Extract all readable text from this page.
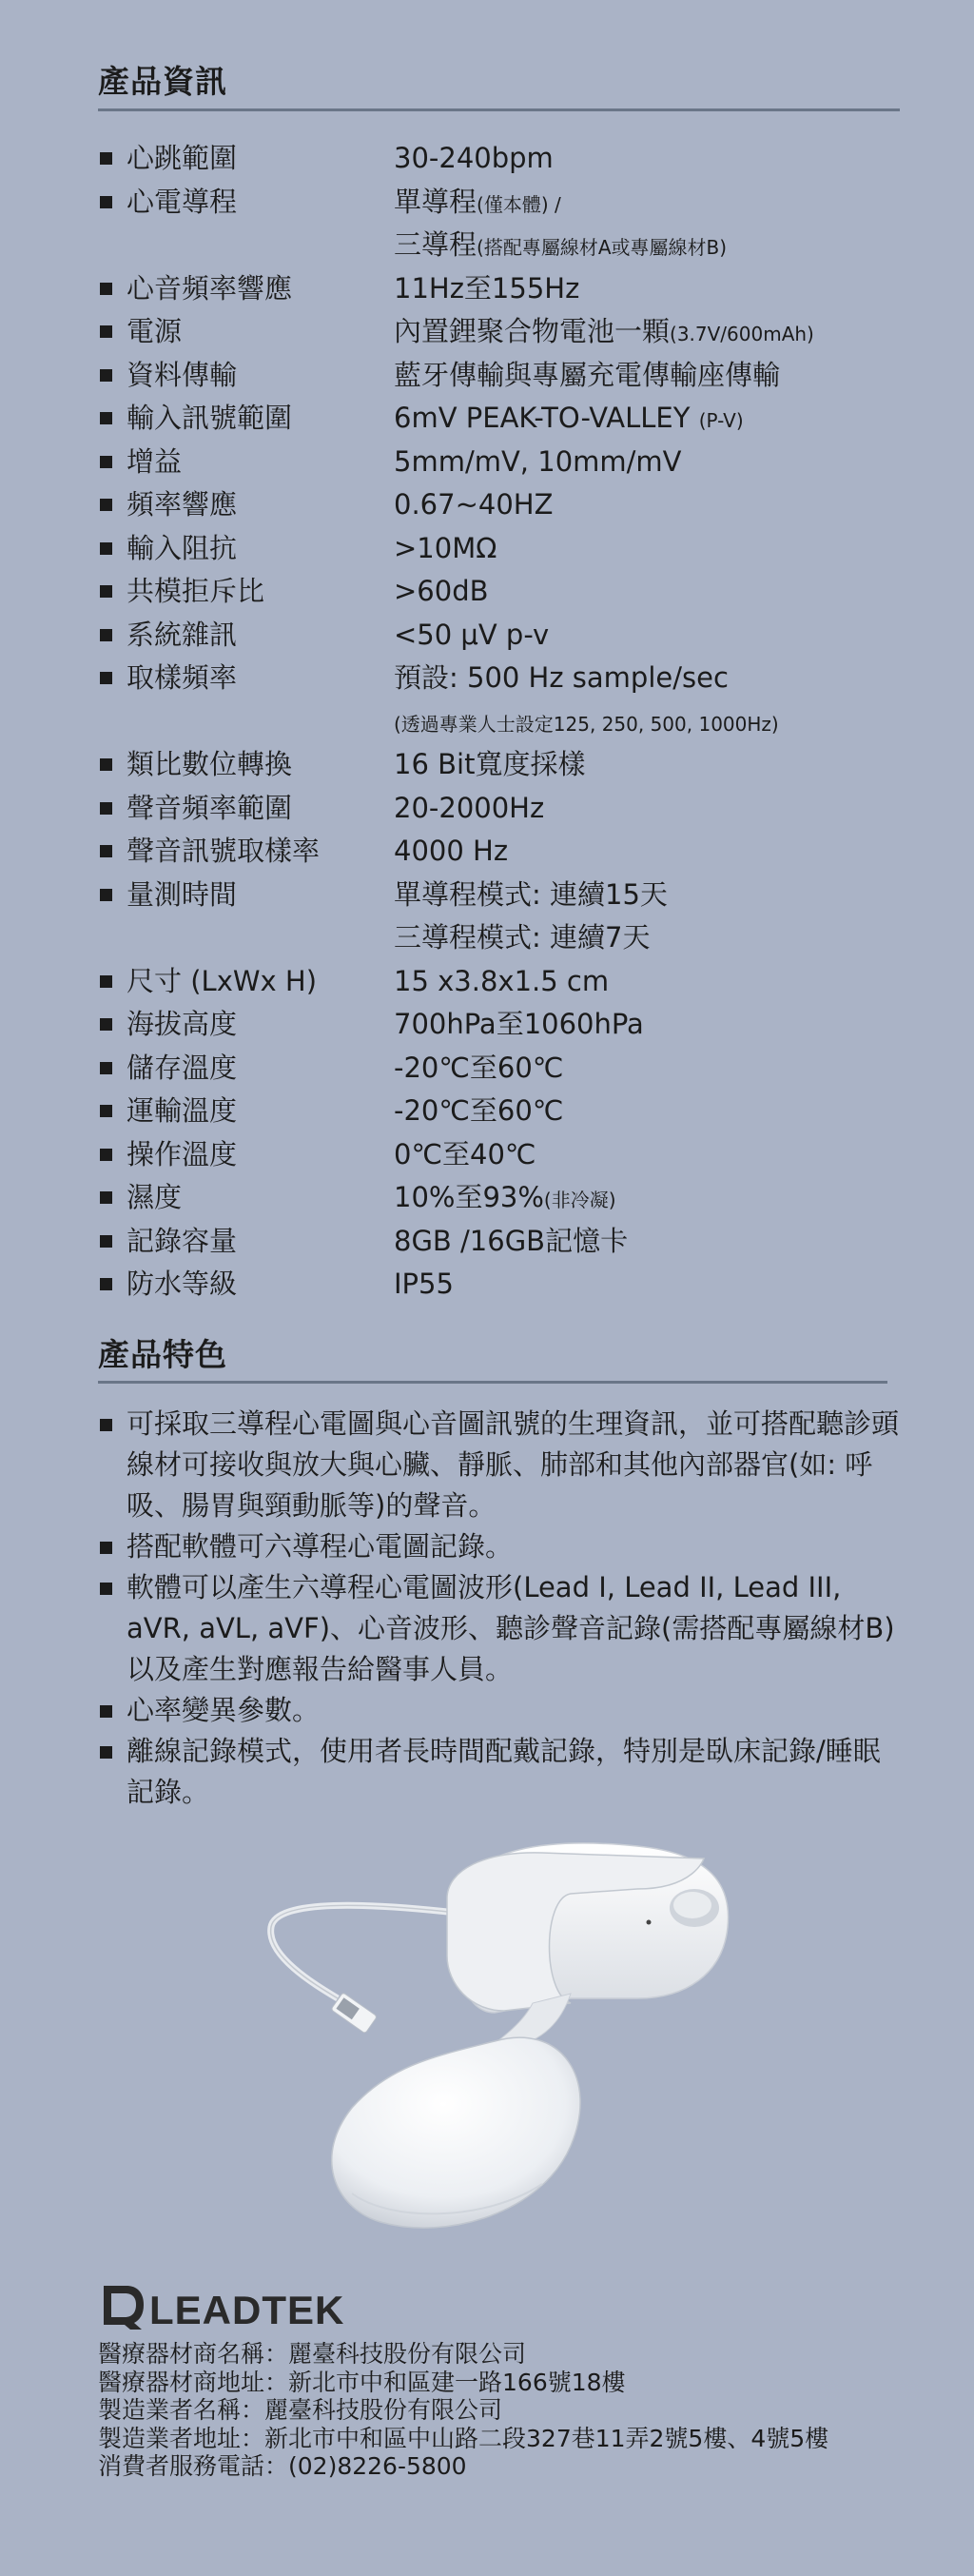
產品資訊
心跳範圍	30-240bpm
心電導程	單導程(僅本體) /
三導程(搭配專屬線材A或專屬線材B)
心音頻率響應	11Hz至155Hz
電源	內置鋰聚合物電池一顆(3.7V/600mAh)
資料傳輸	藍牙傳輸與專屬充電傳輸座傳輸
輸入訊號範圍	6mV PEAK-TO-VALLEY (P-V)
增益	5mm/mV, 10mm/mV
頻率響應	0.67~40HZ
輸入阻抗	>10MΩ
共模拒斥比	>60dB
系統雜訊	<50 μV p-v
取樣頻率	預設: 500 Hz sample/sec
(透過專業人士設定125, 250, 500, 1000Hz)
類比數位轉換	16 Bit寬度採樣
聲音頻率範圍	20-2000Hz
聲音訊號取樣率	4000 Hz
量測時間	單導程模式: 連續15天
三導程模式: 連續7天
尺寸 (LxWx H)	15 x3.8x1.5 cm
海拔高度	700hPa至1060hPa
儲存溫度	-20℃至60℃
運輸溫度	-20℃至60℃
操作溫度	0℃至40℃
濕度	10%至93%(非冷凝)
記錄容量	8GB /16GB記憶卡
防水等級	IP55
產品特色
可採取三導程心電圖與心音圖訊號的生理資訊，並可搭配聽診頭線材可接收與放大與心臟、靜脈、肺部和其他內部器官(如: 呼吸、腸胃與頸動脈等)的聲音。
搭配軟體可六導程心電圖記錄。
軟體可以產生六導程心電圖波形(Lead I, Lead II, Lead III, aVR, aVL, aVF)、心音波形、聽診聲音記錄(需搭配專屬線材B)以及產生對應報告給醫事人員。
心率變異參數。
離線記錄模式，使用者長時間配戴記錄，特別是臥床記錄/睡眠記錄。
LEADTEK
醫療器材商名稱：麗臺科技股份有限公司
醫療器材商地址：新北市中和區建一路166號18樓
製造業者名稱：麗臺科技股份有限公司
製造業者地址：新北市中和區中山路二段327巷11弄2號5樓、4號5樓
消費者服務電話：(02)8226-5800
